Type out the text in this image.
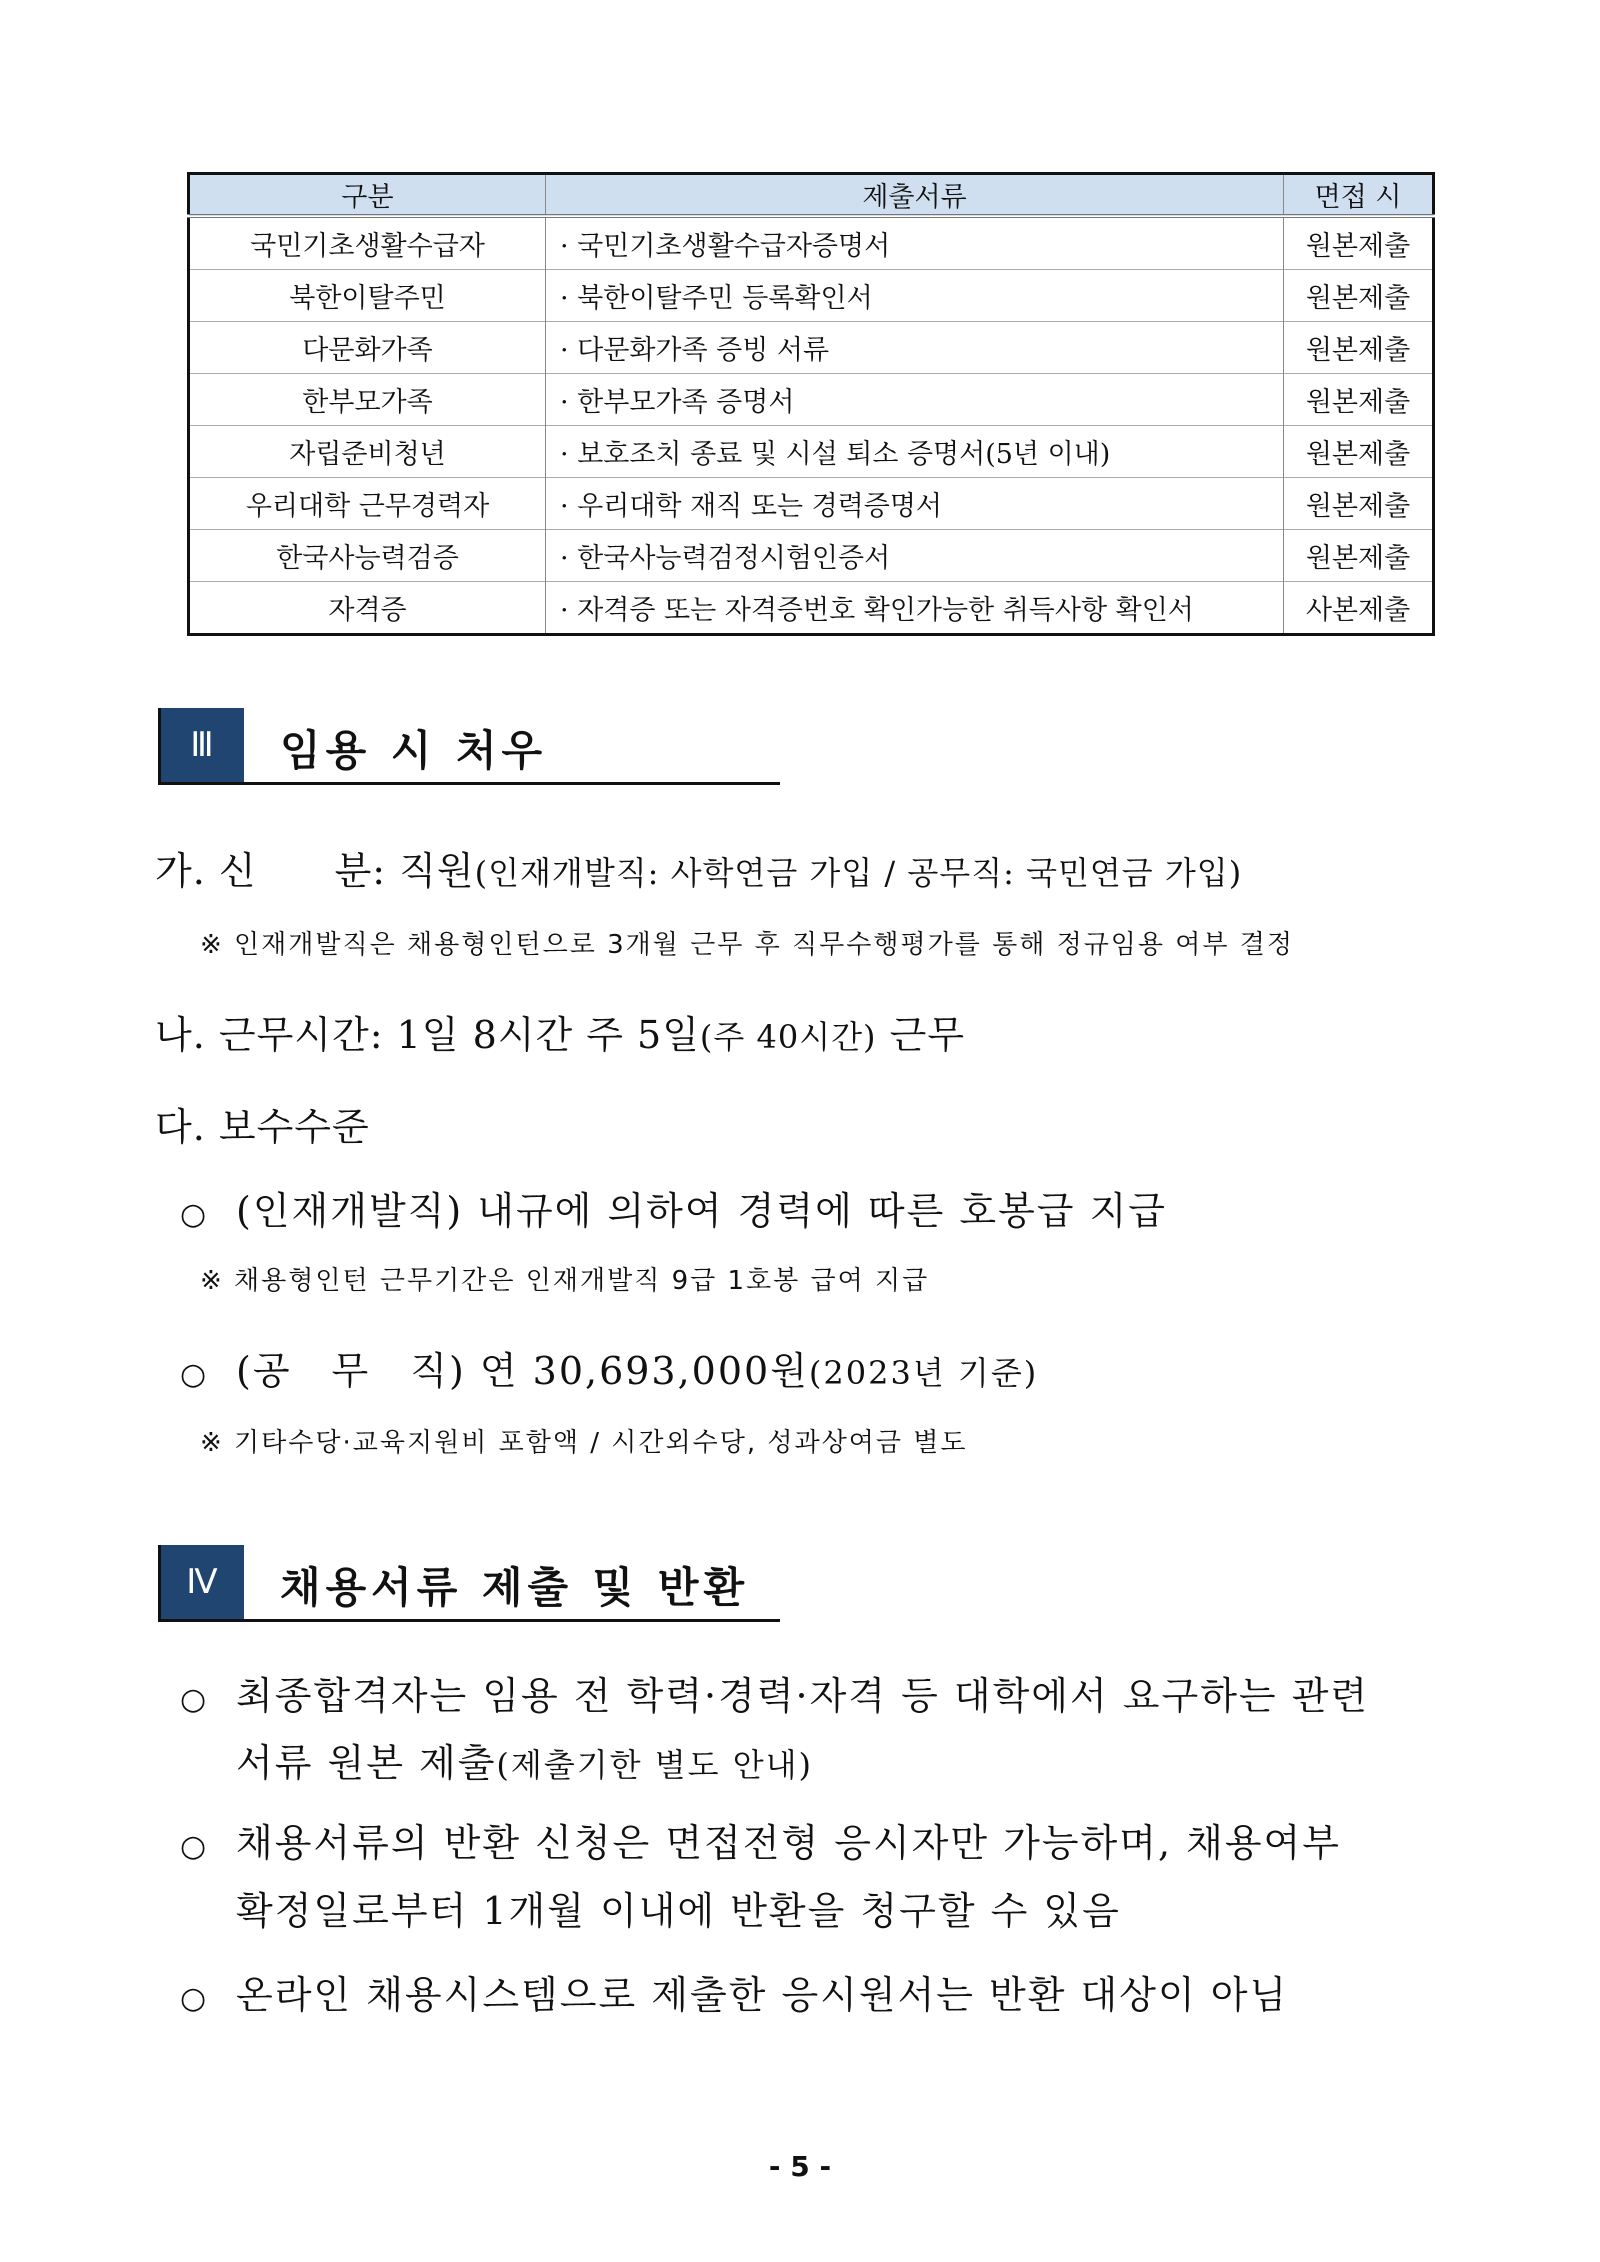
구분	제출서류	면접 시
국민기초생활수급자	· 국민기초생활수급자증명서	원본제출
북한이탈주민	· 북한이탈주민 등록확인서	원본제출
다문화가족	· 다문화가족 증빙 서류	원본제출
한부모가족	· 한부모가족 증명서	원본제출
자립준비청년	· 보호조치 종료 및 시설 퇴소 증명서(5년 이내)	원본제출
우리대학 근무경력자	· 우리대학 재직 또는 경력증명서	원본제출
한국사능력검증	· 한국사능력검정시험인증서	원본제출
자격증	· 자격증 또는 자격증번호 확인가능한 취득사항 확인서	사본제출
Ⅲ	임용 시 처우
가. 신　　분: 직원(인재개발직: 사학연금 가입 / 공무직: 국민연금 가입)
※ 인재개발직은 채용형인턴으로 3개월 근무 후 직무수행평가를 통해 정규임용 여부 결정
나. 근무시간: 1일 8시간 주 5일(주 40시간) 근무
다. 보수수준
○ (인재개발직) 내규에 의하여 경력에 따른 호봉급 지급
※ 채용형인턴 근무기간은 인재개발직 9급 1호봉 급여 지급
○ (공　무　직) 연 30,693,000원(2023년 기준)
※ 기타수당·교육지원비 포함액 / 시간외수당, 성과상여금 별도
Ⅳ	채용서류 제출 및 반환
○ 최종합격자는 임용 전 학력·경력·자격 등 대학에서 요구하는 관련
서류 원본 제출(제출기한 별도 안내)
○ 채용서류의 반환 신청은 면접전형 응시자만 가능하며, 채용여부
확정일로부터 1개월 이내에 반환을 청구할 수 있음
○ 온라인 채용시스템으로 제출한 응시원서는 반환 대상이 아님
- 5 -
